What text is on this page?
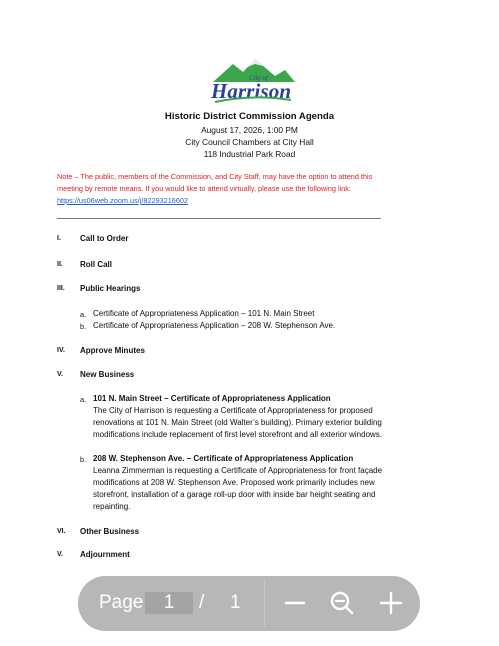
City of
Harrison
Historic District Commission Agenda
August 17, 2026, 1:00 PM
City Council Chambers at City Hall
118 Industrial Park Road
Note – The public, members of the Commission, and City Staff, may have the option to attend this
meeting by remote means. If you would like to attend virtually, please use the following link:
https://us06web.zoom.us/j/82293216602
I.	Call to Order
II.	Roll Call
III.	Public Hearings
a. Certificate of Appropriateness Application – 101 N. Main Street
b. Certificate of Appropriateness Application – 208 W. Stephenson Ave.
IV.	Approve Minutes
V.	New Business
a. 101 N. Main Street – Certificate of Appropriateness Application
The City of Harrison is requesting a Certificate of Appropriateness for proposed
renovations at 101 N. Main Street (old Walter’s building). Primary exterior building
modifications include replacement of first level storefront and all exterior windows.
b. 208 W. Stephenson Ave. – Certificate of Appropriateness Application
Leanna Zimmerman is requesting a Certificate of Appropriateness for front façade
modifications at 208 W. Stephenson Ave. Proposed work primarily includes new
storefront, installation of a garage roll-up door with inside bar height seating and
repainting.
VI.	Other Business
V.	Adjournment
Page
1	/ 1
